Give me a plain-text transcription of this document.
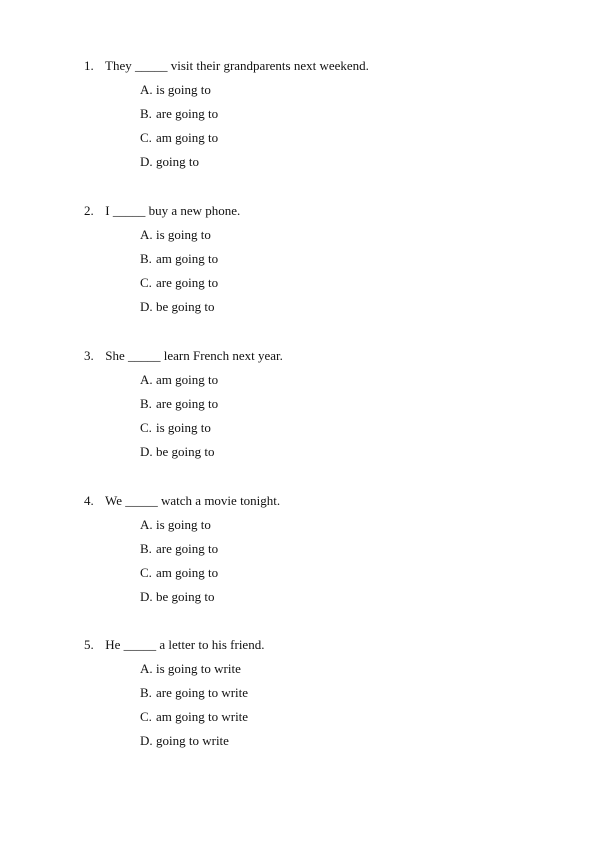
1. They _____ visit their grandparents next weekend.
A. is going to
B. are going to
C. am going to
D. going to
2. I _____ buy a new phone.
A. is going to
B. am going to
C. are going to
D. be going to
3. She _____ learn French next year.
A. am going to
B. are going to
C. is going to
D. be going to
4. We _____ watch a movie tonight.
A. is going to
B. are going to
C. am going to
D. be going to
5. He _____ a letter to his friend.
A. is going to write
B. are going to write
C. am going to write
D. going to write
